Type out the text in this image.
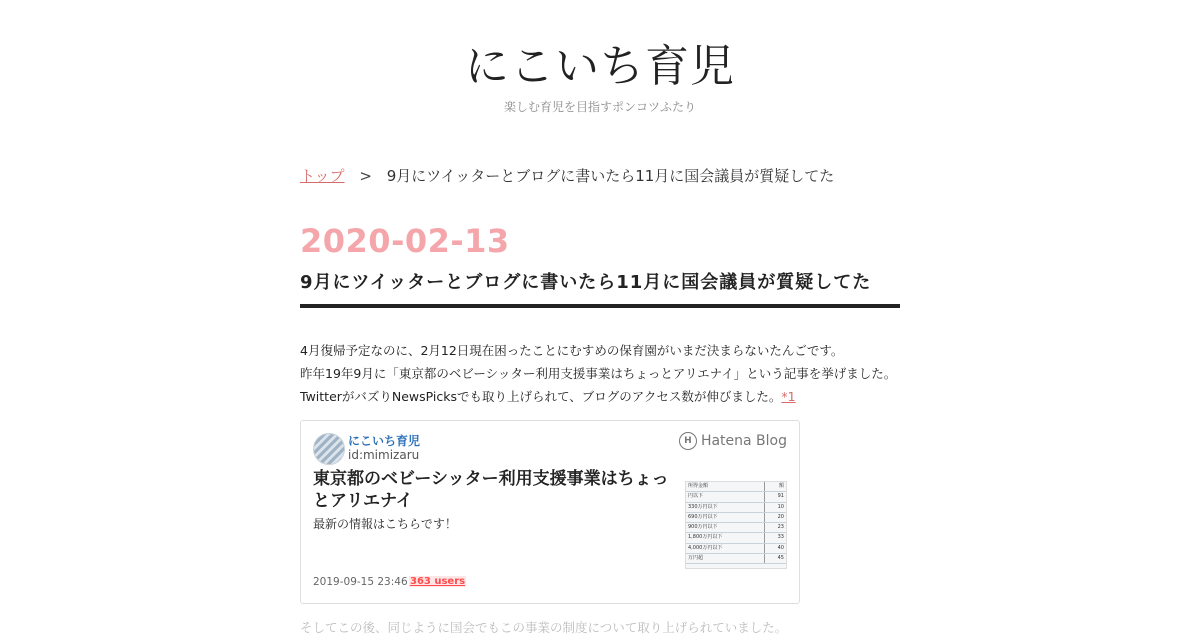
にこいち育児
楽しむ育児を目指すポンコツふたり
トップ > 9月にツイッターとブログに書いたら11月に国会議員が質疑してた
2020-02-13
9月にツイッターとブログに書いたら11月に国会議員が質疑してた

4月復帰予定なのに、2月12日現在困ったことにむすめの保育園がいまだ決まらないたんごです。

昨年19年9月に「東京都のベビーシッター利用支援事業はちょっとアリエナイ」という記事を挙げました。TwitterがバズりNewsPicksでも取り上げられて、ブログのアクセス数が伸びました。*1

にこいち育児
id:mimizaru
H Hatena Blog
東京都のベビーシッター利用支援事業はちょっとアリエナイ
最新の情報はこちらです！
所得金額	額
円以下	91
330万円以下	10
690万円以下	20
900万円以下	23
1,800万円以下	33
4,000万円以下	40
万円超	45
2019-09-15 23:46 363 users
そしてこの後、同じように国会でもこの事業の制度について取り上げられていました。
